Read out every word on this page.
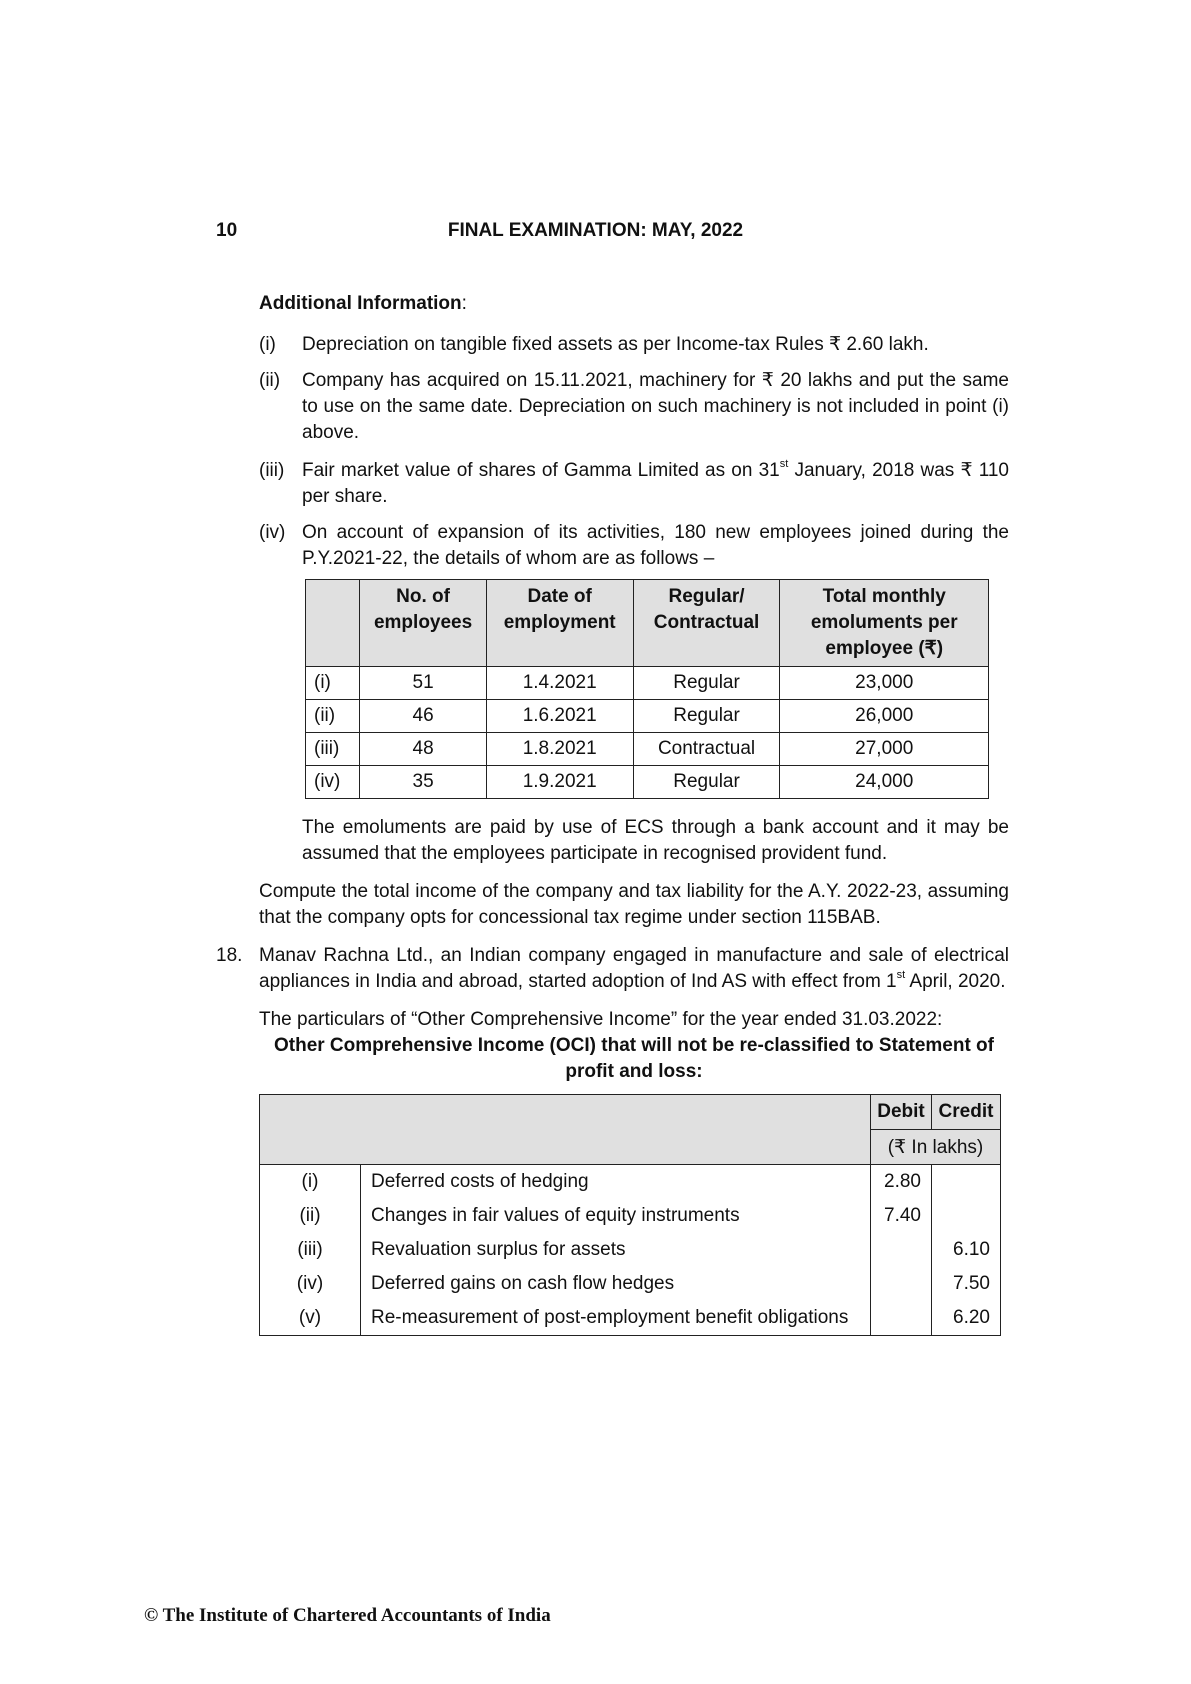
10	FINAL EXAMINATION: MAY, 2022
Additional Information:
(i) Depreciation on tangible fixed assets as per Income-tax Rules ₹ 2.60 lakh.
(ii) Company has acquired on 15.11.2021, machinery for ₹ 20 lakhs and put the same to use on the same date. Depreciation on such machinery is not included in point (i) above.
(iii) Fair market value of shares of Gamma Limited as on 31st January, 2018 was ₹ 110 per share.
(iv) On account of expansion of its activities, 180 new employees joined during the P.Y.2021-22, the details of whom are as follows –
	No. of employees	Date of employment	Regular/ Contractual	Total monthly emoluments per employee (₹)
(i)	51	1.4.2021	Regular	23,000
(ii)	46	1.6.2021	Regular	26,000
(iii)	48	1.8.2021	Contractual	27,000
(iv)	35	1.9.2021	Regular	24,000
The emoluments are paid by use of ECS through a bank account and it may be assumed that the employees participate in recognised provident fund.
Compute the total income of the company and tax liability for the A.Y. 2022-23, assuming that the company opts for concessional tax regime under section 115BAB.
18. Manav Rachna Ltd., an Indian company engaged in manufacture and sale of electrical appliances in India and abroad, started adoption of Ind AS with effect from 1st April, 2020.
The particulars of “Other Comprehensive Income” for the year ended 31.03.2022:
Other Comprehensive Income (OCI) that will not be re-classified to Statement of profit and loss:
		Debit	Credit
		(₹ In lakhs)	
(i)	Deferred costs of hedging	2.80	
(ii)	Changes in fair values of equity instruments	7.40	
(iii)	Revaluation surplus for assets		6.10
(iv)	Deferred gains on cash flow hedges		7.50
(v)	Re-measurement of post-employment benefit obligations		6.20
© The Institute of Chartered Accountants of India
